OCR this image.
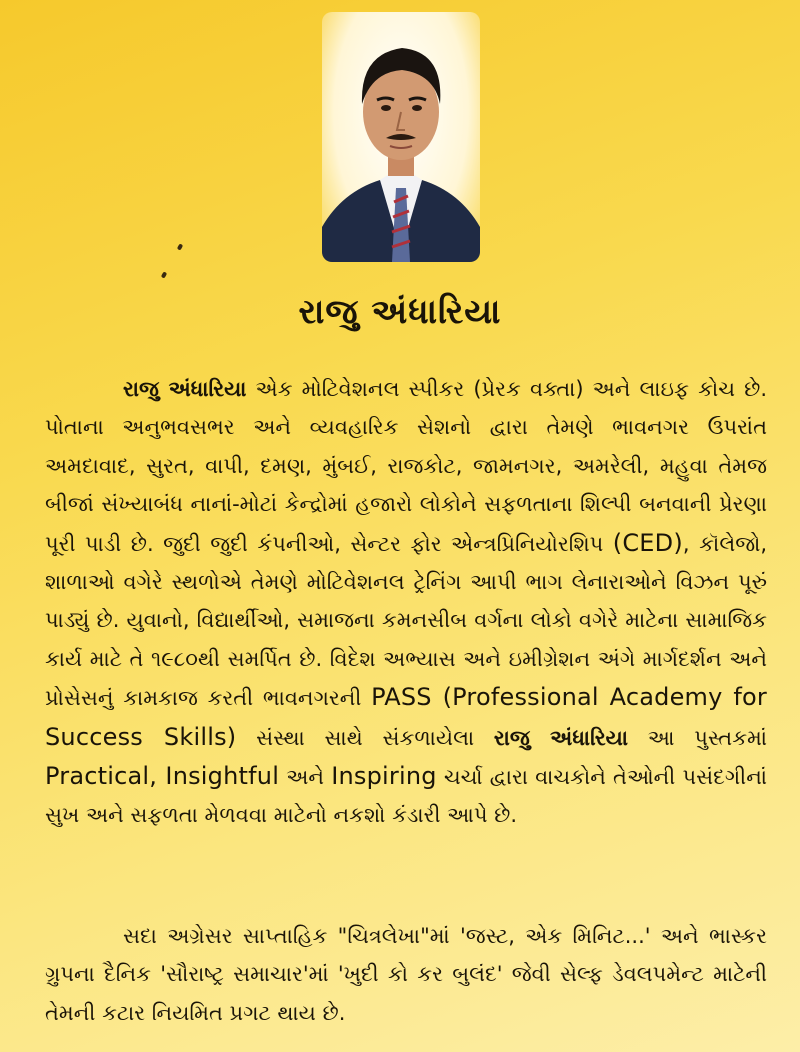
રાજુ અંધારિયા

રાજુ અંધારિયા એક મોટિવેશનલ સ્પીકર (પ્રેરક વક્તા) અને લાઇફ કોચ છે. પોતાના અનુભવસભર અને વ્યવહારિક સેશનો દ્વારા તેમણે ભાવનગર ઉપરાંત અમદાવાદ, સુરત, વાપી, દમણ, મુંબઈ, રાજકોટ, જામનગર, અમરેલી, મહુવા તેમજ બીજાં સંખ્યાબંધ નાનાં-મોટાં કેન્દ્રોમાં હજારો લોકોને સફળતાના શિલ્પી બનવાની પ્રેરણા પૂરી પાડી છે. જુદી જુદી કંપનીઓ, સેન્ટર ફોર એન્ત્રપ્રિનિયોરશિપ (CED), કૉલેજો, શાળાઓ વગેરે સ્થળોએ તેમણે મોટિવેશનલ ટ્રેનિંગ આપી ભાગ લેનારાઓને વિઝન પૂરું પાડ્યું છે. યુવાનો, વિદ્યાર્થીઓ, સમાજના કમનસીબ વર્ગના લોકો વગેરે માટેના સામાજિક કાર્ય માટે તે ૧૯૮૦થી સમર્પિત છે. વિદેશ અભ્યાસ અને ઇમીગ્રેશન અંગે માર્ગદર્શન અને પ્રોસેસનું કામકાજ કરતી ભાવનગરની PASS (Professional Academy for Success Skills) સંસ્થા સાથે સંકળાયેલા રાજુ અંધારિયા આ પુસ્તકમાં Practical, Insightful અને Inspiring ચર્ચા દ્વારા વાચકોને તેઓની પસંદગીનાં સુખ અને સફળતા મેળવવા માટેનો નકશો કંડારી આપે છે.

સદા અગ્રેસર સાપ્તાહિક "ચિત્રલેખા"માં 'જસ્ટ, એક મિનિટ...' અને ભાસ્કર ગ્રુપના દૈનિક 'સૌરાષ્ટ્ર સમાચાર'માં 'ખુદી કો કર બુલંદ' જેવી સેલ્ફ ડેવલપમેન્ટ માટેની તેમની કટાર નિયમિત પ્રગટ થાય છે.
